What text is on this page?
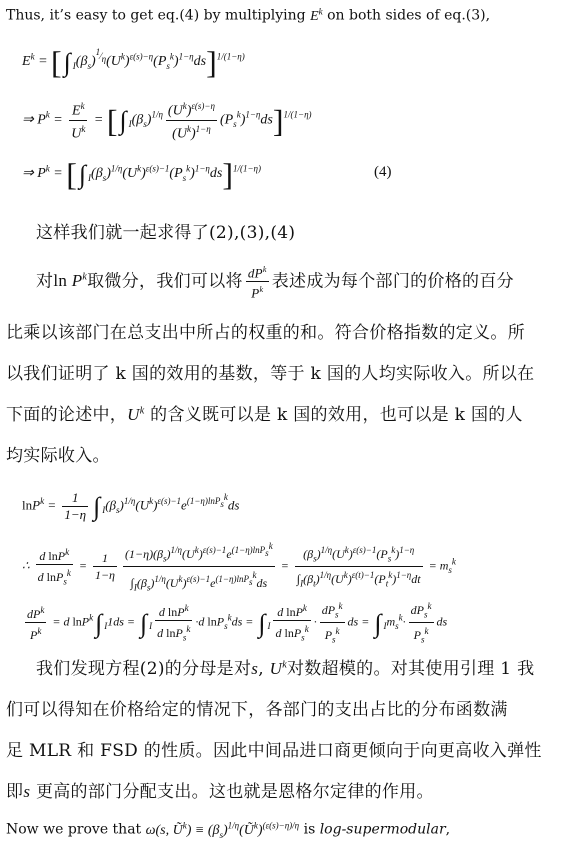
Thus, it’s easy to get eq.(4) by multiplying $E^k$ on both sides of eq.(3),
$E^k$ = [∫ $_I(\beta_s)^{^1⁄_\eta}(U^k)^{\varepsilon(s)-\eta}(P_s^k)^{1-\eta}ds]^{1/(1-\eta)}$
⇒ $P^k = \frac{E^k}{U^k}$ = [∫ $_I(\beta_s)^{1/\eta} \frac{(U^k)^{\varepsilon(s)-\eta}}{(U^k)^{1-\eta}} (P_s^k)^{1-\eta}ds]^{1/(1-\eta)}$
⇒ $P^k$ = [∫ $_I(\beta_s)^{1/\eta}(U^k)^{\varepsilon(s)-1}(P_s^k)^{1-\eta}ds]^{1/(1-\eta)}$	(4)
这样我们就一起求得了(2),(3),(4)
对$\ln P^k$取微分，我们可以将 $\frac{dP^k}{P^k}$ 表述成为每个部门的价格的百分
比乘以该部门在总支出中所占的权重的和。符合价格指数的定义。所
以我们证明了 k 国的效用的基数，等于 k 国的人均实际收入。所以在
下面的论述中，$U^k$ 的含义既可以是 k 国的效用，也可以是 k 国的人
均实际收入。
$\ln P^k = \frac{1}{1-\eta}$ ∫ $_I(\beta_s)^{1/\eta}(U^k)^{\varepsilon(s)-1}e^{(1-\eta)lnP_s^k}ds$
∴ $\frac{d \ln P^k}{d \ln P_s^k} = \frac{1}{1-\eta} \frac{(1-\eta)(\beta_s)^{1/\eta}(U^k)^{\varepsilon(s)-1}e^{(1-\eta)lnP_s^k}}{\int_I(\beta_s)^{1/\eta}(U^k)^{\varepsilon(s)-1}e^{(1-\eta)lnP_s^k}ds} = \frac{(\beta_s)^{1/\eta}(U^k)^{\varepsilon(s)-1}(P_s^k)^{1-\eta}}{\int_I(\beta_t)^{1/\eta}(U^k)^{\varepsilon(t)-1}(P_t^k)^{1-\eta}dt} = m_s^k$
$\frac{dP^k}{P^k} = d$ lnP$^k$∫ $_I$1ds = ∫ $_I \frac{d \ln P^k}{d \ln P_s^k} \cdot d$ lnP$_s^k$ds = ∫ $_I \frac{d \ln P^k}{d \ln P_s^k} \cdot \frac{dP_s^k}{P_s^k}$ ds = ∫ $_Im_s^k\cdot \frac{dP_s^k}{P_s^k}$ ds
我们发现方程(2)的分母是对s, $U^k$对数超模的。对其使用引理 1 我
们可以得知在价格给定的情况下，各部门的支出占比的分布函数满
足 MLR 和 FSD 的性质。因此中间品进口商更倾向于向更高收入弹性
即s 更高的部门分配支出。这也就是恩格尔定律的作用。
Now we prove that ω(s, $Ũ^k$) ≡ $(\beta_s)^{1/\eta}(Ũ^k)^{(\varepsilon(s)-\eta)/\eta}$ is log-supermodular,
